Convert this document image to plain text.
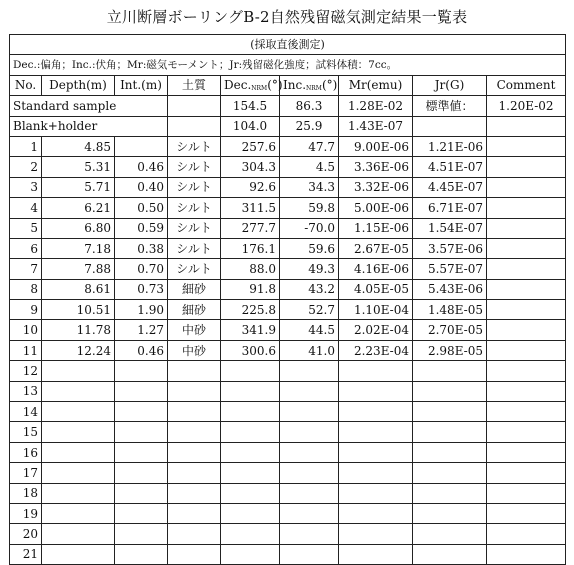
立川断層ボーリングB-2自然残留磁気測定結果一覧表
(採取直後測定)								
Dec.:偏角；Inc.:伏角；Mr:磁気モーメント；Jr:残留磁化強度；試料体積：7cc。								
No.	Depth(m)	Int.(m)	土質	Dec.NRM(°)	Inc.NRM(°)	Mr(emu)	Jr(G)	Comment
Standard sample				154.5	86.3	1.28E-02	標準値：	1.20E-02
Blank+holder				104.0	25.9	1.43E-07		
1	4.85		シルト	257.6	47.7	9.00E-06	1.21E-06	
2	5.31	0.46	シルト	304.3	4.5	3.36E-06	4.51E-07	
3	5.71	0.40	シルト	92.6	34.3	3.32E-06	4.45E-07	
4	6.21	0.50	シルト	311.5	59.8	5.00E-06	6.71E-07	
5	6.80	0.59	シルト	277.7	-70.0	1.15E-06	1.54E-07	
6	7.18	0.38	シルト	176.1	59.6	2.67E-05	3.57E-06	
7	7.88	0.70	シルト	88.0	49.3	4.16E-06	5.57E-07	
8	8.61	0.73	細砂	91.8	43.2	4.05E-05	5.43E-06	
9	10.51	1.90	細砂	225.8	52.7	1.10E-04	1.48E-05	
10	11.78	1.27	中砂	341.9	44.5	2.02E-04	2.70E-05	
11	12.24	0.46	中砂	300.6	41.0	2.23E-04	2.98E-05	
12								
13								
14								
15								
16								
17								
18								
19								
20								
21								
